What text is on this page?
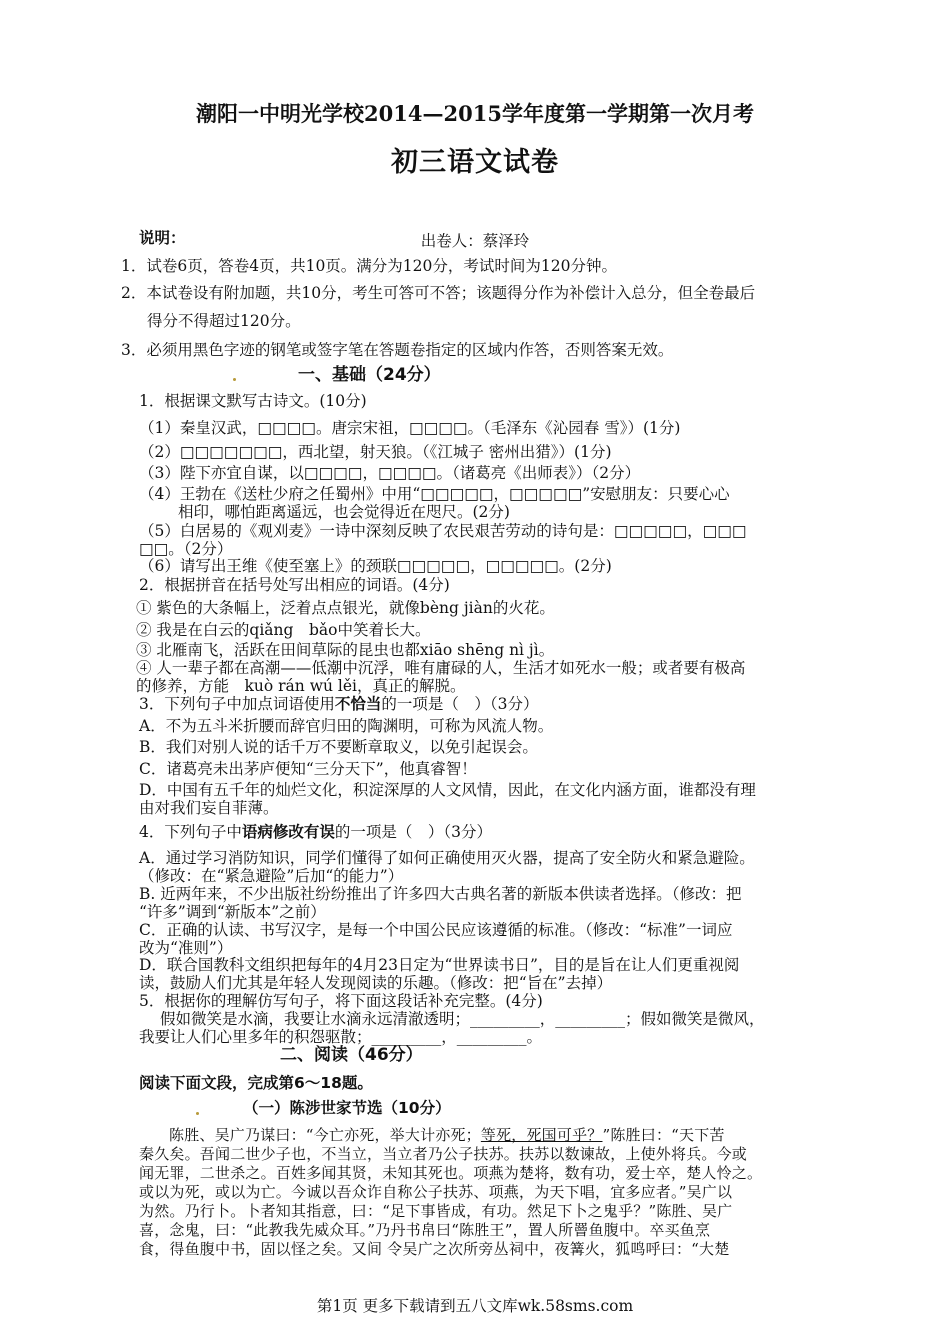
潮阳一中明光学校2014—2015学年度第一学期第一次月考
初三语文试卷
出卷人：蔡泽玲
说明：
1．试卷6页，答卷4页，共10页。满分为120分，考试时间为120分钟。
2．本试卷设有附加题，共10分，考生可答可不答；该题得分作为补偿计入总分，但全卷最后
得分不得超过120分。
3．必须用黑色字迹的钢笔或签字笔在答题卷指定的区域内作答，否则答案无效。
一、基础（24分）
1．根据课文默写古诗文。(10分)
（1）秦皇汉武，□□□□。唐宗宋祖，□□□□。（毛泽东《沁园春 雪》）(1分)
（2）□□□□□□□，西北望，射天狼。（《江城子 密州出猎》）(1分)
（3）陛下亦宜自谋，以□□□□，□□□□。（诸葛亮《出师表》）（2分）
（4）王勃在《送杜少府之任蜀州》中用“□□□□□，□□□□□”安慰朋友：只要心心
相印，哪怕距离遥远，也会觉得近在咫尺。(2分)
（5）白居易的《观刈麦》一诗中深刻反映了农民艰苦劳动的诗句是：□□□□□，□□□
□□。（2分）
（6）请写出王维《使至塞上》的颈联□□□□□，□□□□□。(2分)
2．根据拼音在括号处写出相应的词语。(4分)
① 紫色的大条幅上，泛着点点银光，就像bèng jiàn的火花。
② 我是在白云的qiǎng　bǎo中笑着长大。
③ 北雁南飞，活跃在田间草际的昆虫也都xiāo shēng nì jì。
④ 人一辈子都在高潮——低潮中沉浮，唯有庸碌的人，生活才如死水一般；或者要有极高
的修养，方能　kuò rán wú lěi，真正的解脱。
3．下列句子中加点词语使用不恰当的一项是（　）（3分）
A．不为五斗米折腰而辞官归田的陶渊明，可称为风流人物。
B．我们对别人说的话千万不要断章取义，以免引起误会。
C．诸葛亮未出茅庐便知“三分天下”，他真睿智！
D．中国有五千年的灿烂文化，积淀深厚的人文风情，因此，在文化内涵方面，谁都没有理
由对我们妄自菲薄。
4．下列句子中语病修改有误的一项是（　）（3分）
A．通过学习消防知识，同学们懂得了如何正确使用灭火器，提高了安全防火和紧急避险。
（修改：在“紧急避险”后加“的能力”）
B. 近两年来，不少出版社纷纷推出了许多四大古典名著的新版本供读者选择。（修改：把
“许多”调到“新版本”之前）
C．正确的认读、书写汉字，是每一个中国公民应该遵循的标准。（修改：“标准”一词应
改为“准则”）
D．联合国教科文组织把每年的4月23日定为“世界读书日”，目的是旨在让人们更重视阅
读，鼓励人们尤其是年轻人发现阅读的乐趣。（修改：把“旨在”去掉）
5．根据你的理解仿写句子，将下面这段话补充完整。(4分)
假如微笑是水滴，我要让水滴永远清澈透明；_________，_________；假如微笑是微风，
我要让人们心里多年的积怨驱散；_________，_________。
二、阅读（46分）
阅读下面文段，完成第6～18题。
（一）陈涉世家节选（10分）
陈胜、吴广乃谋曰：“今亡亦死，举大计亦死；等死，死国可乎？”陈胜曰：“天下苦
秦久矣。吾闻二世少子也，不当立，当立者乃公子扶苏。扶苏以数谏故，上使外将兵。今或
闻无罪，二世杀之。百姓多闻其贤，未知其死也。项燕为楚将，数有功，爱士卒，楚人怜之。
或以为死，或以为亡。今诚以吾众诈自称公子扶苏、项燕，为天下唱，宜多应者。”吴广以
为然。乃行卜。卜者知其指意，曰：“足下事皆成，有功。然足下卜之鬼乎？”陈胜、吴广
喜，念鬼，曰：“此教我先威众耳。”乃丹书帛曰“陈胜王”，置人所罾鱼腹中。卒买鱼烹
食，得鱼腹中书，固以怪之矣。又间 令吴广之次所旁丛祠中，夜篝火，狐鸣呼曰：“大楚
第1页 更多下载请到五八文库wk.58sms.com
